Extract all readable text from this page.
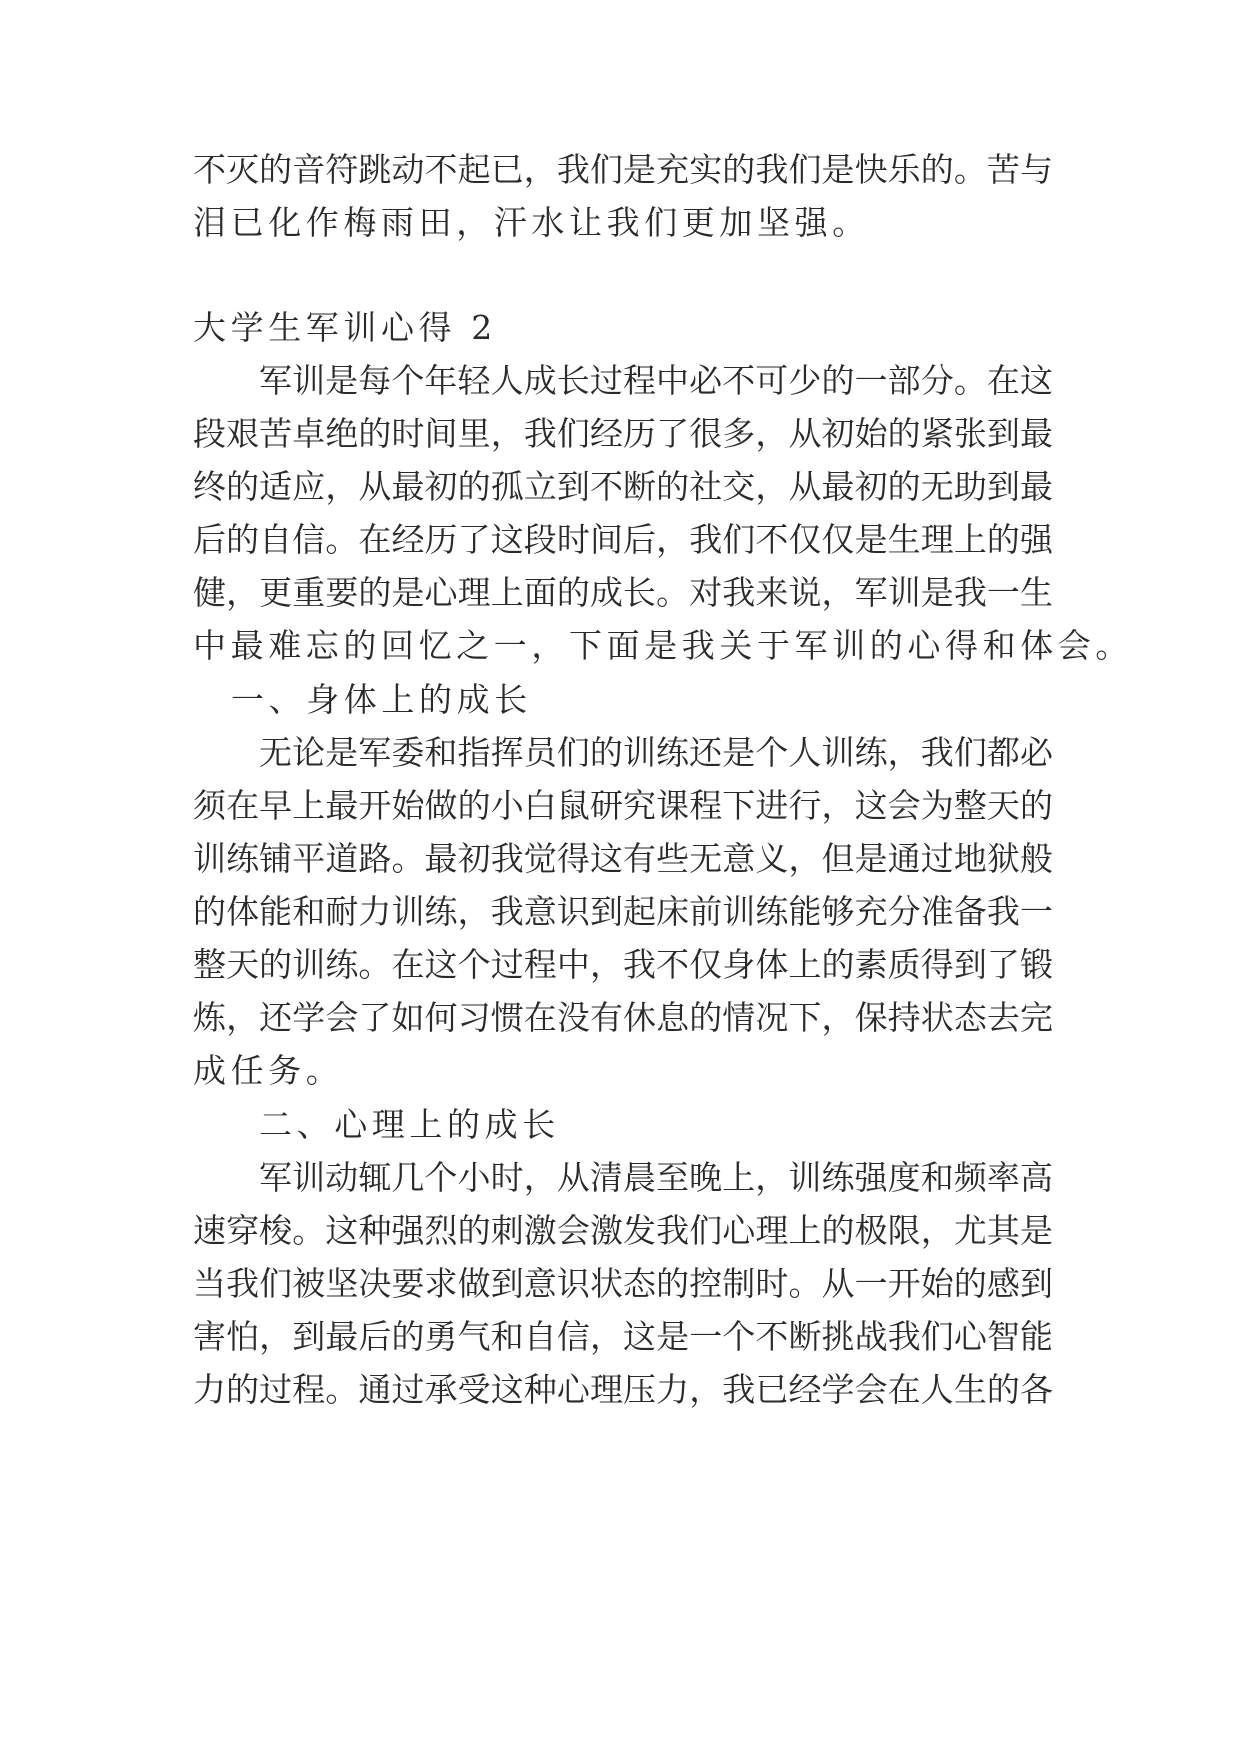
不灭的音符跳动不起已，我们是充实的我们是快乐的。苦与
泪已化作梅雨田，汗水让我们更加坚强。
大学生军训心得 2
军训是每个年轻人成长过程中必不可少的一部分。在这
段艰苦卓绝的时间里，我们经历了很多，从初始的紧张到最
终的适应，从最初的孤立到不断的社交，从最初的无助到最
后的自信。在经历了这段时间后，我们不仅仅是生理上的强
健，更重要的是心理上面的成长。对我来说，军训是我一生
中最难忘的回忆之一，下面是我关于军训的心得和体会。
一、身体上的成长
无论是军委和指挥员们的训练还是个人训练，我们都必
须在早上最开始做的小白鼠研究课程下进行，这会为整天的
训练铺平道路。最初我觉得这有些无意义，但是通过地狱般
的体能和耐力训练，我意识到起床前训练能够充分准备我一
整天的训练。在这个过程中，我不仅身体上的素质得到了锻
炼，还学会了如何习惯在没有休息的情况下，保持状态去完
成任务。
二、心理上的成长
军训动辄几个小时，从清晨至晚上，训练强度和频率高
速穿梭。这种强烈的刺激会激发我们心理上的极限，尤其是
当我们被坚决要求做到意识状态的控制时。从一开始的感到
害怕，到最后的勇气和自信，这是一个不断挑战我们心智能
力的过程。通过承受这种心理压力，我已经学会在人生的各
